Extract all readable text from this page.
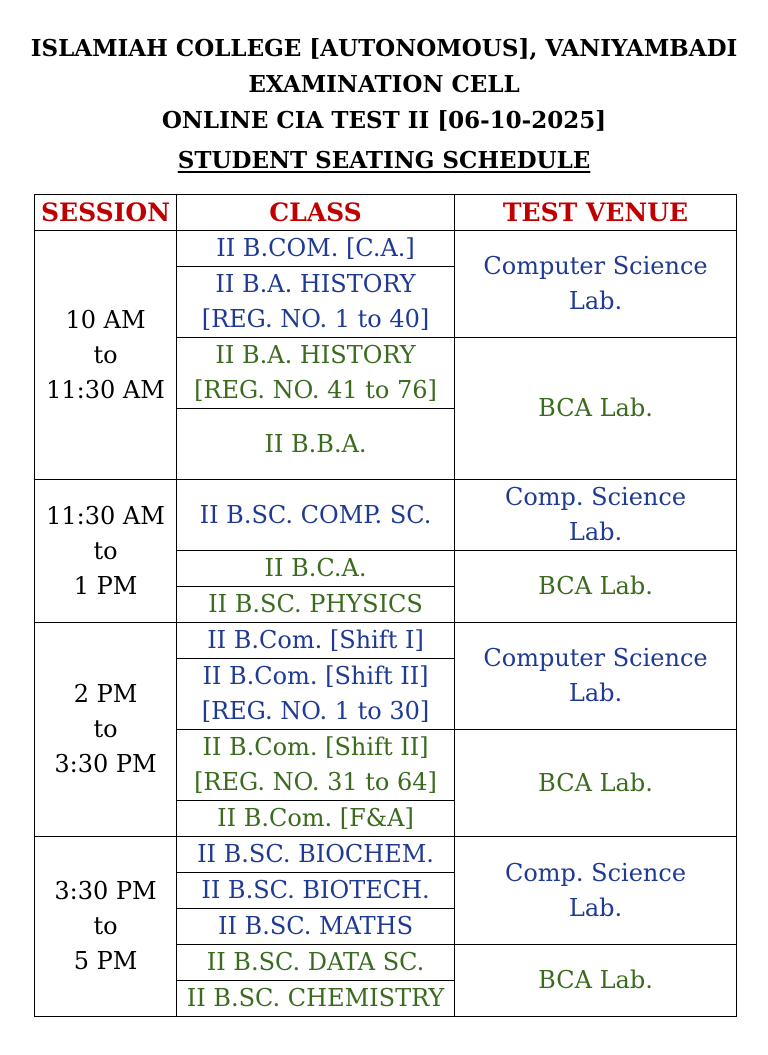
ISLAMIAH COLLEGE [AUTONOMOUS], VANIYAMBADI
EXAMINATION CELL
ONLINE CIA TEST II [06-10-2025]
STUDENT SEATING SCHEDULE
SESSION	CLASS	TEST VENUE

10 AM
to
11:30 AM	II B.COM. [C.A.]	Computer Science Lab.
	II B.A. HISTORY [REG. NO. 1 to 40]	
	II B.A. HISTORY [REG. NO. 41 to 76]	BCA Lab.
	II B.B.A.	

11:30 AM
to
1 PM	II B.SC. COMP. SC.	Comp. Science Lab.
	II B.C.A.	BCA Lab.
	II B.SC. PHYSICS	

2 PM
to
3:30 PM	II B.Com. [Shift I]	Computer Science Lab.
	II B.Com. [Shift II] [REG. NO. 1 to 30]	
	II B.Com. [Shift II] [REG. NO. 31 to 64]	BCA Lab.
	II B.Com. [F&A]	

3:30 PM
to
5 PM	II B.SC. BIOCHEM.	Comp. Science Lab.
	II B.SC. BIOTECH.	
	II B.SC. MATHS	
	II B.SC. DATA SC.	BCA Lab.
	II B.SC. CHEMISTRY	
